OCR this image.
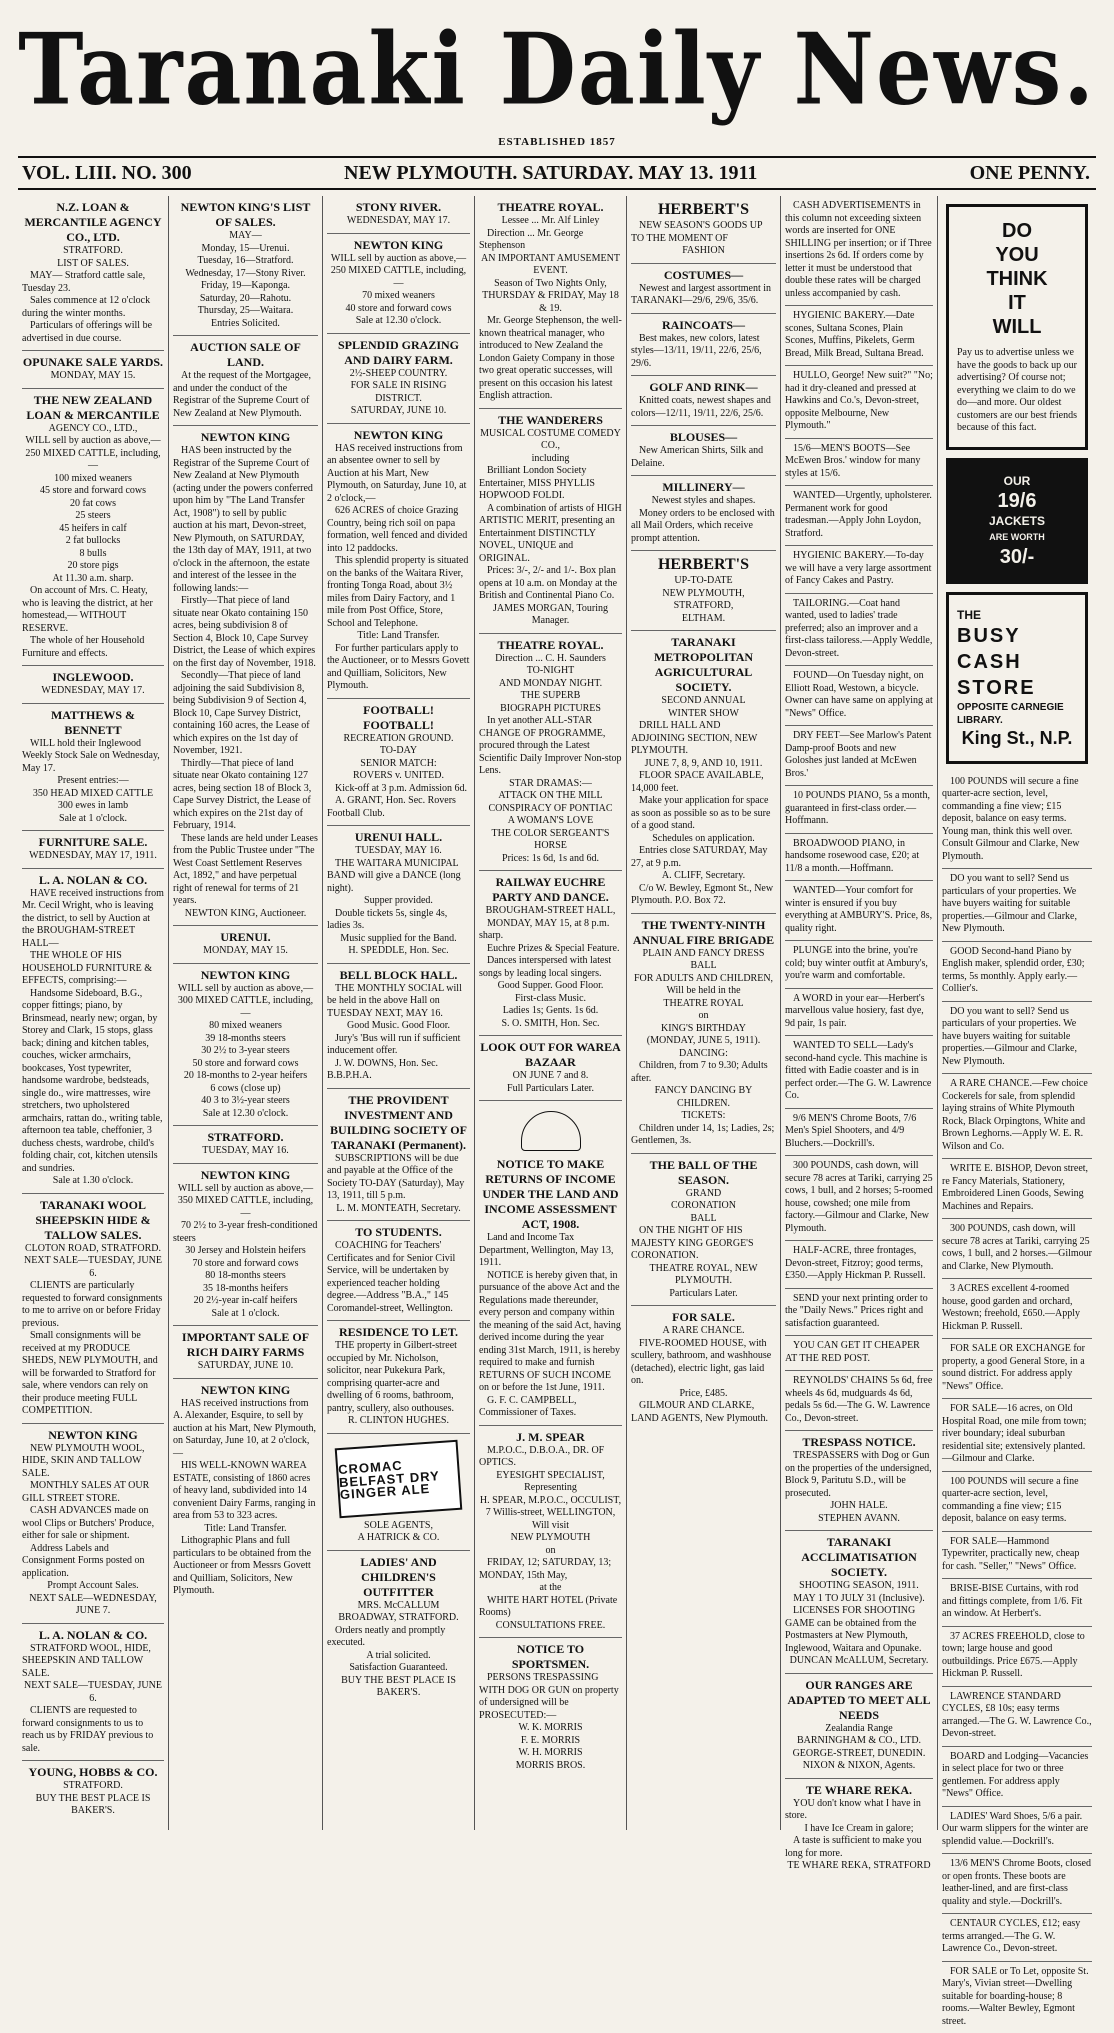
Taranaki Daily News.
ESTABLISHED 1857
VOL. LIII. NO. 300	NEW PLYMOUTH. SATURDAY. MAY 13. 1911	ONE PENNY.
N.Z. LOAN & MERCANTILE AGENCY CO., LTD.
STRATFORD.
LIST OF SALES.
MAY— Stratford cattle sale, Tuesday 23.
Sales commence at 12 o'clock during the winter months.
Particulars of offerings will be advertised in due course.
OPUNAKE SALE YARDS.
MONDAY, MAY 15.
THE NEW ZEALAND LOAN & MERCANTILE
AGENCY CO., LTD.,
WILL sell by auction as above,—
250 MIXED CATTLE, including,—
100 mixed weaners
45 store and forward cows
20 fat cows
25 steers
45 heifers in calf
2 fat bullocks
8 bulls
20 store pigs
At 11.30 a.m. sharp.
On account of Mrs. C. Heaty, who is leaving the district, at her homestead,— WITHOUT RESERVE.
The whole of her Household Furniture and effects.
INGLEWOOD.
WEDNESDAY, MAY 17.
MATTHEWS & BENNETT
WILL hold their Inglewood Weekly Stock Sale on Wednesday, May 17.
Present entries:—
350 HEAD MIXED CATTLE
300 ewes in lamb
Sale at 1 o'clock.
FURNITURE SALE.
WEDNESDAY, MAY 17, 1911.
L. A. NOLAN & CO.
HAVE received instructions from Mr. Cecil Wright, who is leaving the district, to sell by Auction at the BROUGHAM-STREET HALL—
THE WHOLE OF HIS HOUSEHOLD FURNITURE & EFFECTS, comprising:—
Handsome Sideboard, B.G., copper fittings; piano, by Brinsmead, nearly new; organ, by Storey and Clark, 15 stops, glass back; dining and kitchen tables, couches, wicker armchairs, bookcases, Yost typewriter, handsome wardrobe, bedsteads, single do., wire mattresses, wire stretchers, two upholstered armchairs, rattan do., writing table, afternoon tea table, cheffonier, 3 duchess chests, wardrobe, child's folding chair, cot, kitchen utensils and sundries.
Sale at 1.30 o'clock.
TARANAKI WOOL SHEEPSKIN HIDE & TALLOW SALES.
CLOTON ROAD, STRATFORD.
NEXT SALE—TUESDAY, JUNE 6.
CLIENTS are particularly requested to forward consignments to me to arrive on or before Friday previous.
Small consignments will be received at my PRODUCE SHEDS, NEW PLYMOUTH, and will be forwarded to Stratford for sale, where vendors can rely on their produce meeting FULL COMPETITION.
NEWTON KING
NEW PLYMOUTH WOOL, HIDE, SKIN AND TALLOW SALE.
MONTHLY SALES AT OUR GILL STREET STORE.
CASH ADVANCES made on wool Clips or Butchers' Produce, either for sale or shipment.
Address Labels and Consignment Forms posted on application.
Prompt Account Sales.
NEXT SALE—WEDNESDAY, JUNE 7.
L. A. NOLAN & CO.
STRATFORD WOOL, HIDE, SHEEPSKIN AND TALLOW SALE.
NEXT SALE—TUESDAY, JUNE 6.
CLIENTS are requested to forward consignments to us to reach us by FRIDAY previous to sale.
YOUNG, HOBBS & CO.
STRATFORD.
BUY THE BEST PLACE IS BAKER'S.
NEWTON KING'S LIST OF SALES.
MAY—
Monday, 15—Urenui.
Tuesday, 16—Stratford.
Wednesday, 17—Stony River.
Friday, 19—Kaponga.
Saturday, 20—Rahotu.
Thursday, 25—Waitara.
Entries Solicited.
AUCTION SALE OF LAND.
At the request of the Mortgagee, and under the conduct of the Registrar of the Supreme Court of New Zealand at New Plymouth.
NEWTON KING
HAS been instructed by the Registrar of the Supreme Court of New Zealand at New Plymouth (acting under the powers conferred upon him by "The Land Transfer Act, 1908") to sell by public auction at his mart, Devon-street, New Plymouth, on SATURDAY, the 13th day of MAY, 1911, at two o'clock in the afternoon, the estate and interest of the lessee in the following lands:—
Firstly—That piece of land situate near Okato containing 150 acres, being subdivision 8 of Section 4, Block 10, Cape Survey District, the Lease of which expires on the first day of November, 1918.
Secondly—That piece of land adjoining the said Subdivision 8, being Subdivision 9 of Section 4, Block 10, Cape Survey District, containing 160 acres, the Lease of which expires on the 1st day of November, 1921.
Thirdly—That piece of land situate near Okato containing 127 acres, being section 18 of Block 3, Cape Survey District, the Lease of which expires on the 21st day of February, 1914.
These lands are held under Leases from the Public Trustee under "The West Coast Settlement Reserves Act, 1892," and have perpetual right of renewal for terms of 21 years.
NEWTON KING, Auctioneer.
URENUI.
MONDAY, MAY 15.
NEWTON KING
WILL sell by auction as above,—
300 MIXED CATTLE, including,—
80 mixed weaners
39 18-months steers
30 2½ to 3-year steers
50 store and forward cows
20 18-months to 2-year heifers
6 cows (close up)
40 3 to 3½-year steers
Sale at 12.30 o'clock.
STRATFORD.
TUESDAY, MAY 16.
NEWTON KING
WILL sell by auction as above,—
350 MIXED CATTLE, including,—
70 2½ to 3-year fresh-conditioned steers
30 Jersey and Holstein heifers
70 store and forward cows
80 18-months steers
35 18-months heifers
20 2½-year in-calf heifers
Sale at 1 o'clock.
IMPORTANT SALE OF RICH DAIRY FARMS
SATURDAY, JUNE 10.
NEWTON KING
HAS received instructions from A. Alexander, Esquire, to sell by auction at his Mart, New Plymouth, on Saturday, June 10, at 2 o'clock,—
HIS WELL-KNOWN WAREA ESTATE, consisting of 1860 acres of heavy land, subdivided into 14 convenient Dairy Farms, ranging in area from 53 to 323 acres.
Title: Land Transfer.
Lithographic Plans and full particulars to be obtained from the Auctioneer or from Messrs Govett and Quilliam, Solicitors, New Plymouth.
STONY RIVER.
WEDNESDAY, MAY 17.
NEWTON KING
WILL sell by auction as above,—
250 MIXED CATTLE, including,—
70 mixed weaners
40 store and forward cows
Sale at 12.30 o'clock.
SPLENDID GRAZING AND DAIRY FARM.
2½-SHEEP COUNTRY.
FOR SALE IN RISING DISTRICT.
SATURDAY, JUNE 10.
NEWTON KING
HAS received instructions from an absentee owner to sell by Auction at his Mart, New Plymouth, on Saturday, June 10, at 2 o'clock,—
626 ACRES of choice Grazing Country, being rich soil on papa formation, well fenced and divided into 12 paddocks.
This splendid property is situated on the banks of the Waitara River, fronting Tonga Road, about 3½ miles from Dairy Factory, and 1 mile from Post Office, Store, School and Telephone.
Title: Land Transfer.
For further particulars apply to the Auctioneer, or to Messrs Govett and Quilliam, Solicitors, New Plymouth.
FOOTBALL! FOOTBALL!
RECREATION GROUND.
TO-DAY
SENIOR MATCH:
ROVERS v. UNITED.
Kick-off at 3 p.m. Admission 6d.
A. GRANT, Hon. Sec. Rovers Football Club.
URENUI HALL.
TUESDAY, MAY 16.
THE WAITARA MUNICIPAL BAND will give a DANCE (long night).
Supper provided.
Double tickets 5s, single 4s, ladies 3s.
Music supplied for the Band.
H. SPEDDLE, Hon. Sec.
BELL BLOCK HALL.
THE MONTHLY SOCIAL will be held in the above Hall on TUESDAY NEXT, MAY 16.
Good Music. Good Floor.
Jury's 'Bus will run if sufficient inducement offer.
J. W. DOWNS, Hon. Sec. B.B.P.H.A.
THE PROVIDENT INVESTMENT AND BUILDING SOCIETY OF TARANAKI (Permanent).
SUBSCRIPTIONS will be due and payable at the Office of the Society TO-DAY (Saturday), May 13, 1911, till 5 p.m.
L. M. MONTEATH, Secretary.
TO STUDENTS.
COACHING for Teachers' Certificates and for Senior Civil Service, will be undertaken by experienced teacher holding degree.—Address "B.A.," 145 Coromandel-street, Wellington.
RESIDENCE TO LET.
THE property in Gilbert-street occupied by Mr. Nicholson, solicitor, near Pukekura Park, comprising quarter-acre and dwelling of 6 rooms, bathroom, pantry, scullery, also outhouses.
R. CLINTON HUGHES.
CROMAC BELFAST DRY GINGER ALE
SOLE AGENTS,
A HATRICK & CO.
LADIES' AND CHILDREN'S OUTFITTER
MRS. McCALLUM
BROADWAY, STRATFORD.
Orders neatly and promptly executed.
A trial solicited.
Satisfaction Guaranteed.
BUY THE BEST PLACE IS BAKER'S.
THEATRE ROYAL.
Lessee ... Mr. Alf Linley
Direction ... Mr. George Stephenson
AN IMPORTANT AMUSEMENT EVENT.
Season of Two Nights Only,
THURSDAY & FRIDAY, May 18 & 19.
Mr. George Stephenson, the well-known theatrical manager, who introduced to New Zealand the London Gaiety Company in those two great operatic successes, will present on this occasion his latest English attraction.
THE WANDERERS
MUSICAL COSTUME COMEDY CO.,
including
Brilliant London Society Entertainer, MISS PHYLLIS HOPWOOD FOLDI.
A combination of artists of HIGH ARTISTIC MERIT, presenting an Entertainment DISTINCTLY NOVEL, UNIQUE and ORIGINAL.
Prices: 3/-, 2/- and 1/-. Box plan opens at 10 a.m. on Monday at the British and Continental Piano Co.
JAMES MORGAN, Touring Manager.
THEATRE ROYAL.
Direction ... C. H. Saunders
TO-NIGHT
AND MONDAY NIGHT.
THE SUPERB
BIOGRAPH PICTURES
In yet another ALL-STAR CHANGE OF PROGRAMME, procured through the Latest Scientific Daily Improver Non-stop Lens.
STAR DRAMAS:—
ATTACK ON THE MILL
CONSPIRACY OF PONTIAC
A WOMAN'S LOVE
THE COLOR SERGEANT'S HORSE
Prices: 1s 6d, 1s and 6d.
RAILWAY EUCHRE PARTY AND DANCE.
BROUGHAM-STREET HALL,
MONDAY, MAY 15, at 8 p.m. sharp.
Euchre Prizes & Special Feature.
Dances interspersed with latest songs by leading local singers.
Good Supper. Good Floor.
First-class Music.
Ladies 1s; Gents. 1s 6d.
S. O. SMITH, Hon. Sec.
LOOK OUT FOR WAREA BAZAAR
ON JUNE 7 and 8.
Full Particulars Later.
NOTICE TO MAKE RETURNS OF INCOME UNDER THE LAND AND INCOME ASSESSMENT ACT, 1908.
Land and Income Tax Department, Wellington, May 13, 1911.
NOTICE is hereby given that, in pursuance of the above Act and the Regulations made thereunder, every person and company within the meaning of the said Act, having derived income during the year ending 31st March, 1911, is hereby required to make and furnish RETURNS OF SUCH INCOME on or before the 1st June, 1911.
G. F. C. CAMPBELL, Commissioner of Taxes.
J. M. SPEAR
M.P.O.C., D.B.O.A., DR. OF OPTICS.
EYESIGHT SPECIALIST,
Representing
H. SPEAR, M.P.O.C., OCCULIST,
7 Willis-street, WELLINGTON,
Will visit
NEW PLYMOUTH
on
FRIDAY, 12; SATURDAY, 13; MONDAY, 15th May,
at the
WHITE HART HOTEL (Private Rooms)
CONSULTATIONS FREE.
NOTICE TO SPORTSMEN.
PERSONS TRESPASSING WITH DOG OR GUN on property of undersigned will be PROSECUTED:—
W. K. MORRIS
F. E. MORRIS
W. H. MORRIS
MORRIS BROS.
HERBERT'S
NEW SEASON'S GOODS UP TO THE MOMENT OF
FASHION
COSTUMES—
Newest and largest assortment in TARANAKI—29/6, 29/6, 35/6.
RAINCOATS—
Best makes, new colors, latest styles—13/11, 19/11, 22/6, 25/6, 29/6.
GOLF AND RINK—
Knitted coats, newest shapes and colors—12/11, 19/11, 22/6, 25/6.
BLOUSES—
New American Shirts, Silk and Delaine.
MILLINERY—
Newest styles and shapes.
Money orders to be enclosed with all Mail Orders, which receive prompt attention.
HERBERT'S
UP-TO-DATE
NEW PLYMOUTH,
STRATFORD,
ELTHAM.
TARANAKI METROPOLITAN AGRICULTURAL SOCIETY.
SECOND ANNUAL
WINTER SHOW
DRILL HALL AND ADJOINING SECTION, NEW PLYMOUTH.
JUNE 7, 8, 9, AND 10, 1911.
FLOOR SPACE AVAILABLE, 14,000 feet.
Make your application for space as soon as possible so as to be sure of a good stand.
Schedules on application.
Entries close SATURDAY, May 27, at 9 p.m.
A. CLIFF, Secretary.
C/o W. Bewley, Egmont St., New Plymouth. P.O. Box 72.
THE TWENTY-NINTH ANNUAL FIRE BRIGADE
PLAIN AND FANCY DRESS
BALL
FOR ADULTS AND CHILDREN,
Will be held in the
THEATRE ROYAL
on
KING'S BIRTHDAY
(MONDAY, JUNE 5, 1911).
DANCING:
Children, from 7 to 9.30; Adults after.
FANCY DANCING BY CHILDREN.
TICKETS:
Children under 14, 1s; Ladies, 2s; Gentlemen, 3s.
THE BALL OF THE SEASON.
GRAND
CORONATION
BALL
ON THE NIGHT OF HIS MAJESTY KING GEORGE'S CORONATION.
THEATRE ROYAL, NEW PLYMOUTH.
Particulars Later.
FOR SALE.
A RARE CHANCE.
FIVE-ROOMED HOUSE, with scullery, bathroom, and washhouse (detached), electric light, gas laid on.
Price, £485.
GILMOUR AND CLARKE, LAND AGENTS, New Plymouth.
CASH ADVERTISEMENTS in this column not exceeding sixteen words are inserted for ONE SHILLING per insertion; or if Three insertions 2s 6d. If orders come by letter it must be understood that double these rates will be charged unless accompanied by cash.
HYGIENIC BAKERY.—Date scones, Sultana Scones, Plain Scones, Muffins, Pikelets, Germ Bread, Milk Bread, Sultana Bread.
HULLO, George! New suit?" "No; had it dry-cleaned and pressed at Hawkins and Co.'s, Devon-street, opposite Melbourne, New Plymouth."
15/6—MEN'S BOOTS—See McEwen Bros.' window for many styles at 15/6.
WANTED—Urgently, upholsterer. Permanent work for good tradesman.—Apply John Loydon, Stratford.
HYGIENIC BAKERY.—To-day we will have a very large assortment of Fancy Cakes and Pastry.
TAILORING.—Coat hand wanted, used to ladies' trade preferred; also an improver and a first-class tailoress.—Apply Weddle, Devon-street.
FOUND—On Tuesday night, on Elliott Road, Westown, a bicycle. Owner can have same on applying at "News" Office.
DRY FEET—See Marlow's Patent Damp-proof Boots and new Goloshes just landed at McEwen Bros.'
10 POUNDS PIANO, 5s a month, guaranteed in first-class order.—Hoffmann.
BROADWOOD PIANO, in handsome rosewood case, £20; at 11/8 a month.—Hoffmann.
WANTED—Your comfort for winter is ensured if you buy everything at AMBURY'S. Price, 8s, quality right.
PLUNGE into the brine, you're cold; buy winter outfit at Ambury's, you're warm and comfortable.
A WORD in your ear—Herbert's marvellous value hosiery, fast dye, 9d pair, 1s pair.
WANTED TO SELL—Lady's second-hand cycle. This machine is fitted with Eadie coaster and is in perfect order.—The G. W. Lawrence Co.
9/6 MEN'S Chrome Boots, 7/6 Men's Spiel Shooters, and 4/9 Bluchers.—Dockrill's.
300 POUNDS, cash down, will secure 78 acres at Tariki, carrying 25 cows, 1 bull, and 2 horses; 5-roomed house, cowshed; one mile from factory.—Gilmour and Clarke, New Plymouth.
HALF-ACRE, three frontages, Devon-street, Fitzroy; good terms, £350.—Apply Hickman P. Russell.
SEND your next printing order to the "Daily News." Prices right and satisfaction guaranteed.
YOU CAN GET IT CHEAPER AT THE RED POST.
REYNOLDS' CHAINS 5s 6d, free wheels 4s 6d, mudguards 4s 6d, pedals 5s 6d.—The G. W. Lawrence Co., Devon-street.
TRESPASS NOTICE.
TRESPASSERS with Dog or Gun on the properties of the undersigned, Block 9, Paritutu S.D., will be prosecuted.
JOHN HALE.
STEPHEN AVANN.
TARANAKI ACCLIMATISATION SOCIETY.
SHOOTING SEASON, 1911.
MAY 1 TO JULY 31 (Inclusive).
LICENSES FOR SHOOTING GAME can be obtained from the Postmasters at New Plymouth, Inglewood, Waitara and Opunake.
DUNCAN McALLUM, Secretary.
OUR RANGES ARE ADAPTED TO MEET ALL NEEDS
Zealandia Range
BARNINGHAM & CO., LTD.
GEORGE-STREET, DUNEDIN.
NIXON & NIXON, Agents.
TE WHARE REKA.
YOU don't know what I have in store.
I have Ice Cream in galore;
A taste is sufficient to make you long for more.
TE WHARE REKA, STRATFORD
DO
YOU
THINK
IT
WILL
Pay us to advertise unless we have the goods to back up our advertising? Of course not; everything we claim to do we do—and more. Our oldest customers are our best friends because of this fact.
OUR
19/6
JACKETS
ARE WORTH
30/-
THE
BUSY
CASH
STORE
OPPOSITE CARNEGIE LIBRARY.
King St., N.P.
100 POUNDS will secure a fine quarter-acre section, level, commanding a fine view; £15 deposit, balance on easy terms. Young man, think this well over. Consult Gilmour and Clarke, New Plymouth.
DO you want to sell? Send us particulars of your properties. We have buyers waiting for suitable properties.—Gilmour and Clarke, New Plymouth.
GOOD Second-hand Piano by English maker, splendid order, £30; terms, 5s monthly. Apply early.—Collier's.
DO you want to sell? Send us particulars of your properties. We have buyers waiting for suitable properties.—Gilmour and Clarke, New Plymouth.
A RARE CHANCE.—Few choice Cockerels for sale, from splendid laying strains of White Plymouth Rock, Black Orpingtons, White and Brown Leghorns.—Apply W. E. R. Wilson and Co.
WRITE E. BISHOP, Devon street, re Fancy Materials, Stationery, Embroidered Linen Goods, Sewing Machines and Repairs.
300 POUNDS, cash down, will secure 78 acres at Tariki, carrying 25 cows, 1 bull, and 2 horses.—Gilmour and Clarke, New Plymouth.
3 ACRES excellent 4-roomed house, good garden and orchard, Westown; freehold, £650.—Apply Hickman P. Russell.
FOR SALE OR EXCHANGE for property, a good General Store, in a sound district. For address apply "News" Office.
FOR SALE—16 acres, on Old Hospital Road, one mile from town; river boundary; ideal suburban residential site; extensively planted.—Gilmour and Clarke.
100 POUNDS will secure a fine quarter-acre section, level, commanding a fine view; £15 deposit, balance on easy terms.
FOR SALE—Hammond Typewriter, practically new, cheap for cash. "Seller," "News" Office.
BRISE-BISE Curtains, with rod and fittings complete, from 1/6. Fit an window. At Herbert's.
37 ACRES FREEHOLD, close to town; large house and good outbuildings. Price £675.—Apply Hickman P. Russell.
LAWRENCE STANDARD CYCLES, £8 10s; easy terms arranged.—The G. W. Lawrence Co., Devon-street.
BOARD and Lodging—Vacancies in select place for two or three gentlemen. For address apply "News" Office.
LADIES' Ward Shoes, 5/6 a pair. Our warm slippers for the winter are splendid value.—Dockrill's.
13/6 MEN'S Chrome Boots, closed or open fronts. These boots are leather-lined, and are first-class quality and style.—Dockrill's.
CENTAUR CYCLES, £12; easy terms arranged.—The G. W. Lawrence Co., Devon-street.
FOR SALE or To Let, opposite St. Mary's, Vivian street—Dwelling suitable for boarding-house; 8 rooms.—Walter Bewley, Egmont street.
